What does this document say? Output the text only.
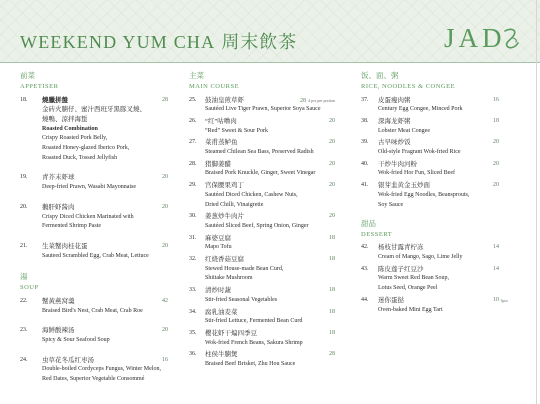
WEEKEND YUM CHA 周末飲茶	JAD
前菜
APPETISER
18.	燒臘拼盤
金砖火腩仔、蜜汁西班牙黑豚叉燒、
燒鴨、涼拌海蜇
Roasted Combination
Crispy Roasted Pork Belly,
Roasted Honey-glazed Iberico Pork,
Roasted Duck, Tossed Jellyfish
28
19.	青芥末虾球
Deep-fried Prawn, Wasabi Mayonnaise
20
20.	鵝肝虾酱肉
Crispy Diced Chicken Marinated with
Fermented Shrimp Paste
20
21.	生菜蟹肉桂花蛋
Sauteed Scrambled Egg, Crab Meat, Lettuce
20
湯
SOUP
22.	蟹黃燕窝羹
Braised Bird's Nest, Crab Meat, Crab Roe
42
23.	海鲜酸辣汤
Spicy & Sour Seafood Soup
20
24.	虫草花冬瓜红枣汤
Double-boiled Cordyceps Fungus, Winter Melon,
Red Dates, Superior Vegetable Consommé
16
主菜
MAIN COURSE
25.	鼓油皇煎草虾
Sautéed Live Tiger Prawn, Superior Soya Sauce
28 4 pcs per portion
26.	“红”咕噜肉
“Red” Sweet & Sour Pork
20
27.	菜甫蒸鲈鱼
Steamed Chilean Sea Bass, Preserved Radish
20
28.	猪脚姜醋
Braised Pork Knuckle, Ginger, Sweet Vinegar
20
29.	宫保腰果鸡丁
Sautéed Diced Chicken, Cashew Nuts,
Dried Chilli, Vinaigrette
20
30.	姜葱炒牛肉片
Sautéed Sliced Beef, Spring Onion, Ginger
20
31.	麻婆豆腐
Mapo Tofu
18
32.	红烧香菇豆腐
Stewed House-made Bean Curd,
Shiitake Mushroom
18
33.	清炒时蔬
Stir-fried Seasonal Vegetables
18
34.	腐乳油麦菜
Stir-fried Lettuce, Fermented Bean Curd
18
35.	樱花虾干煸四季豆
Wok-fried French Beans, Sakura Shrimp
18
36.	柱侯牛腩煲
Braised Beef Brisket, Zhu Hou Sauce
28
饭、面、粥
RICE, NOODLES & CONGEE
37.	皮蛋瘦肉粥
Century Egg Congee, Minced Pork
16
38.	深海龙虾粥
Lobster Meat Congee
18
39.	古早味炒饭
Old-style Fragrant Wok-fried Rice
20
40.	干炒牛肉河粉
Wok-fried Hor Fun, Sliced Beef
20
41.	银芽韭黄金玉炒面
Wok-fried Egg Noodles, Beansprouts,
Soy Sauce
20
甜品
DESSERT
42.	杨枝甘露青柠冻
Cream of Mango, Sago, Lime Jelly
14
43.	陈皮莲子红豆沙
Warm Sweet Red Bean Soup,
Lotus Seed, Orange Peel
14
44.	迷你蛋挞
Oven-baked Mini Egg Tart
10 3pcs
